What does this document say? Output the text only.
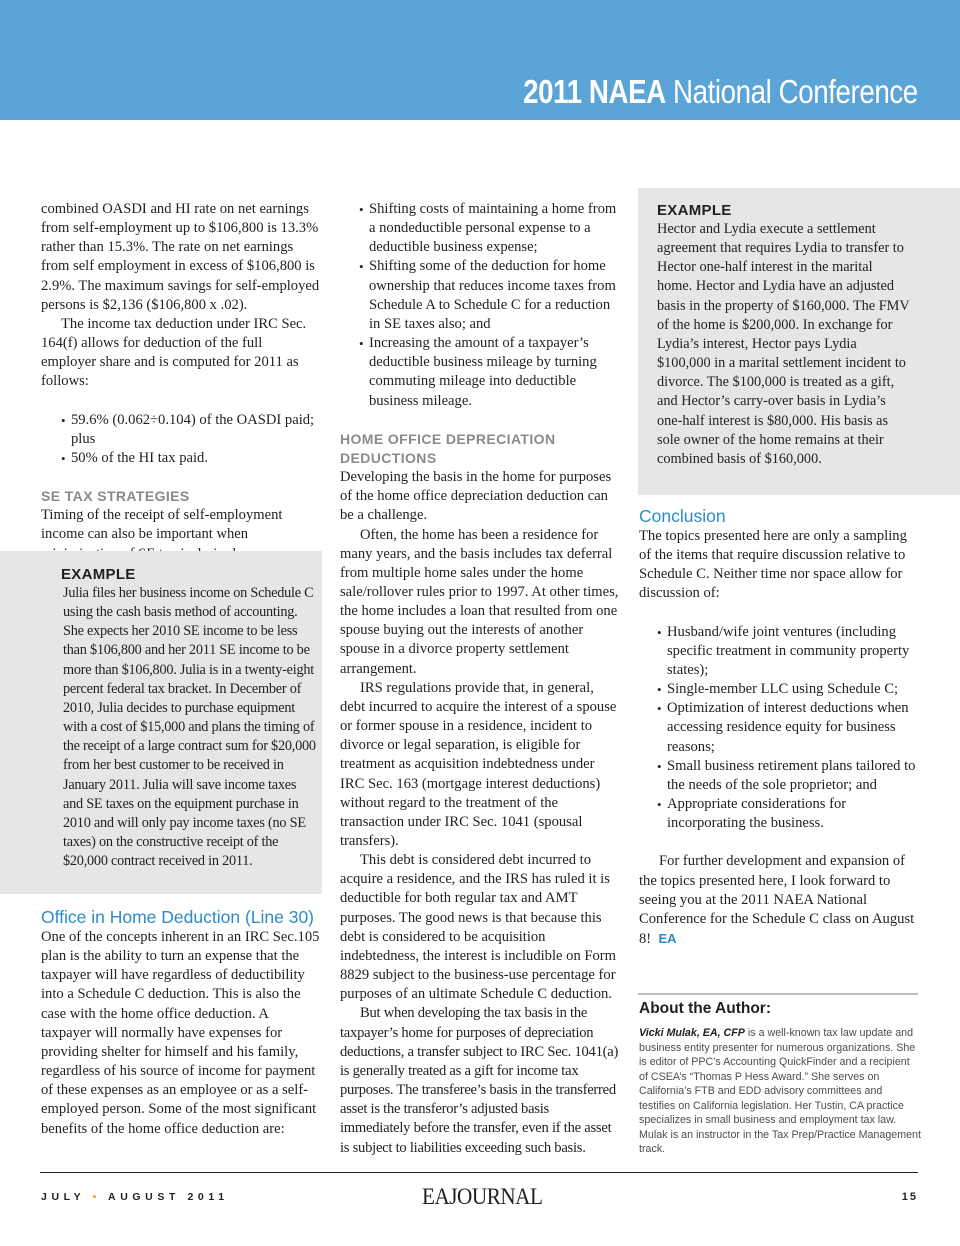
2011 NAEA National Conference

combined OASDI and HI rate on net earnings from self-employment up to $106,800 is 13.3% rather than 15.3%. The rate on net earnings from self employment in excess of $106,800 is 2.9%. The maximum savings for self-employed persons is $2,136 ($106,800 x .02).

The income tax deduction under IRC Sec. 164(f) allows for deduction of the full employer share and is computed for 2011 as follows:

• 59.6% (0.062÷0.104) of the OASDI paid; plus
• 50% of the HI tax paid.

SE TAX STRATEGIES

Timing of the receipt of self-employment income can also be important when

EXAMPLE
Julia files her business income on Schedule C using the cash basis method of accounting. She expects her 2010 SE income to be less than $106,800 and her 2011 SE income to be more than $106,800. Julia is in a twenty-eight percent federal tax bracket. In December of 2010, Julia decides to purchase equipment with a cost of $15,000 and plans the timing of the receipt of a large contract sum for $20,000 from her best customer to be received in January 2011. Julia will save income taxes and SE taxes on the equipment purchase in 2010 and will only pay income taxes (no SE taxes) on the constructive receipt of the $20,000 contract received in 2011.

Office in Home Deduction (Line 30)

One of the concepts inherent in an IRC Sec.105 plan is the ability to turn an expense that the taxpayer will have regardless of deductibility into a Schedule C deduction. This is also the case with the home office deduction. A taxpayer will normally have expenses for providing shelter for himself and his family, regardless of his source of income for payment of these expenses as an employee or as a self-employed person. Some of the most significant benefits of the home office deduction are:

• Shifting costs of maintaining a home from a nondeductible personal expense to a deductible business expense;
• Shifting some of the deduction for home ownership that reduces income taxes from Schedule A to Schedule C for a reduction in SE taxes also; and
• Increasing the amount of a taxpayer’s deductible business mileage by turning commuting mileage into deductible business mileage.

HOME OFFICE DEPRECIATION DEDUCTIONS

Developing the basis in the home for purposes of the home office depreciation deduction can be a challenge.

Often, the home has been a residence for many years, and the basis includes tax deferral from multiple home sales under the home sale/rollover rules prior to 1997. At other times, the home includes a loan that resulted from one spouse buying out the interests of another spouse in a divorce property settlement arrangement.

IRS regulations provide that, in general, debt incurred to acquire the interest of a spouse or former spouse in a residence, incident to divorce or legal separation, is eligible for treatment as acquisition indebtedness under IRC Sec. 163 (mortgage interest deductions) without regard to the treatment of the transaction under IRC Sec. 1041 (spousal transfers).

This debt is considered debt incurred to acquire a residence, and the IRS has ruled it is deductible for both regular tax and AMT purposes. The good news is that because this debt is considered to be acquisition indebtedness, the interest is includible on Form 8829 subject to the business-use percentage for purposes of an ultimate Schedule C deduction.

But when developing the tax basis in the taxpayer’s home for purposes of depreciation deductions, a transfer subject to IRC Sec. 1041(a) is generally treated as a gift for income tax purposes. The transferee’s basis in the transferred asset is the transferor’s adjusted basis immediately before the transfer, even if the asset is subject to liabilities exceeding such basis.

EXAMPLE
Hector and Lydia execute a settlement agreement that requires Lydia to transfer to Hector one-half interest in the marital home. Hector and Lydia have an adjusted basis in the property of $160,000. The FMV of the home is $200,000. In exchange for Lydia’s interest, Hector pays Lydia $100,000 in a marital settlement incident to divorce. The $100,000 is treated as a gift, and Hector’s carry-over basis in Lydia’s one-half interest is $80,000. His basis as sole owner of the home remains at their combined basis of $160,000.

Conclusion

The topics presented here are only a sampling of the items that require discussion relative to Schedule C. Neither time nor space allow for discussion of:

• Husband/wife joint ventures (including specific treatment in community property states);
• Single-member LLC using Schedule C;
• Optimization of interest deductions when accessing residence equity for business reasons;
• Small business retirement plans tailored to the needs of the sole proprietor; and
• Appropriate considerations for incorporating the business.

For further development and expansion of the topics presented here, I look forward to seeing you at the 2011 NAEA National Conference for the Schedule C class on August 8! EA

About the Author:
Vicki Mulak, EA, CFP is a well-known tax law update and business entity presenter for numerous organizations. She is editor of PPC’s Accounting QuickFinder and a recipient of CSEA’s “Thomas P Hess Award.” She serves on California’s FTB and EDD advisory committees and testifies on California legislation. Her Tustin, CA practice specializes in small business and employment tax law. Mulak is an instructor in the Tax Prep/Practice Management track.
JULY • AUGUST 2011	EAJOURNAL	15
